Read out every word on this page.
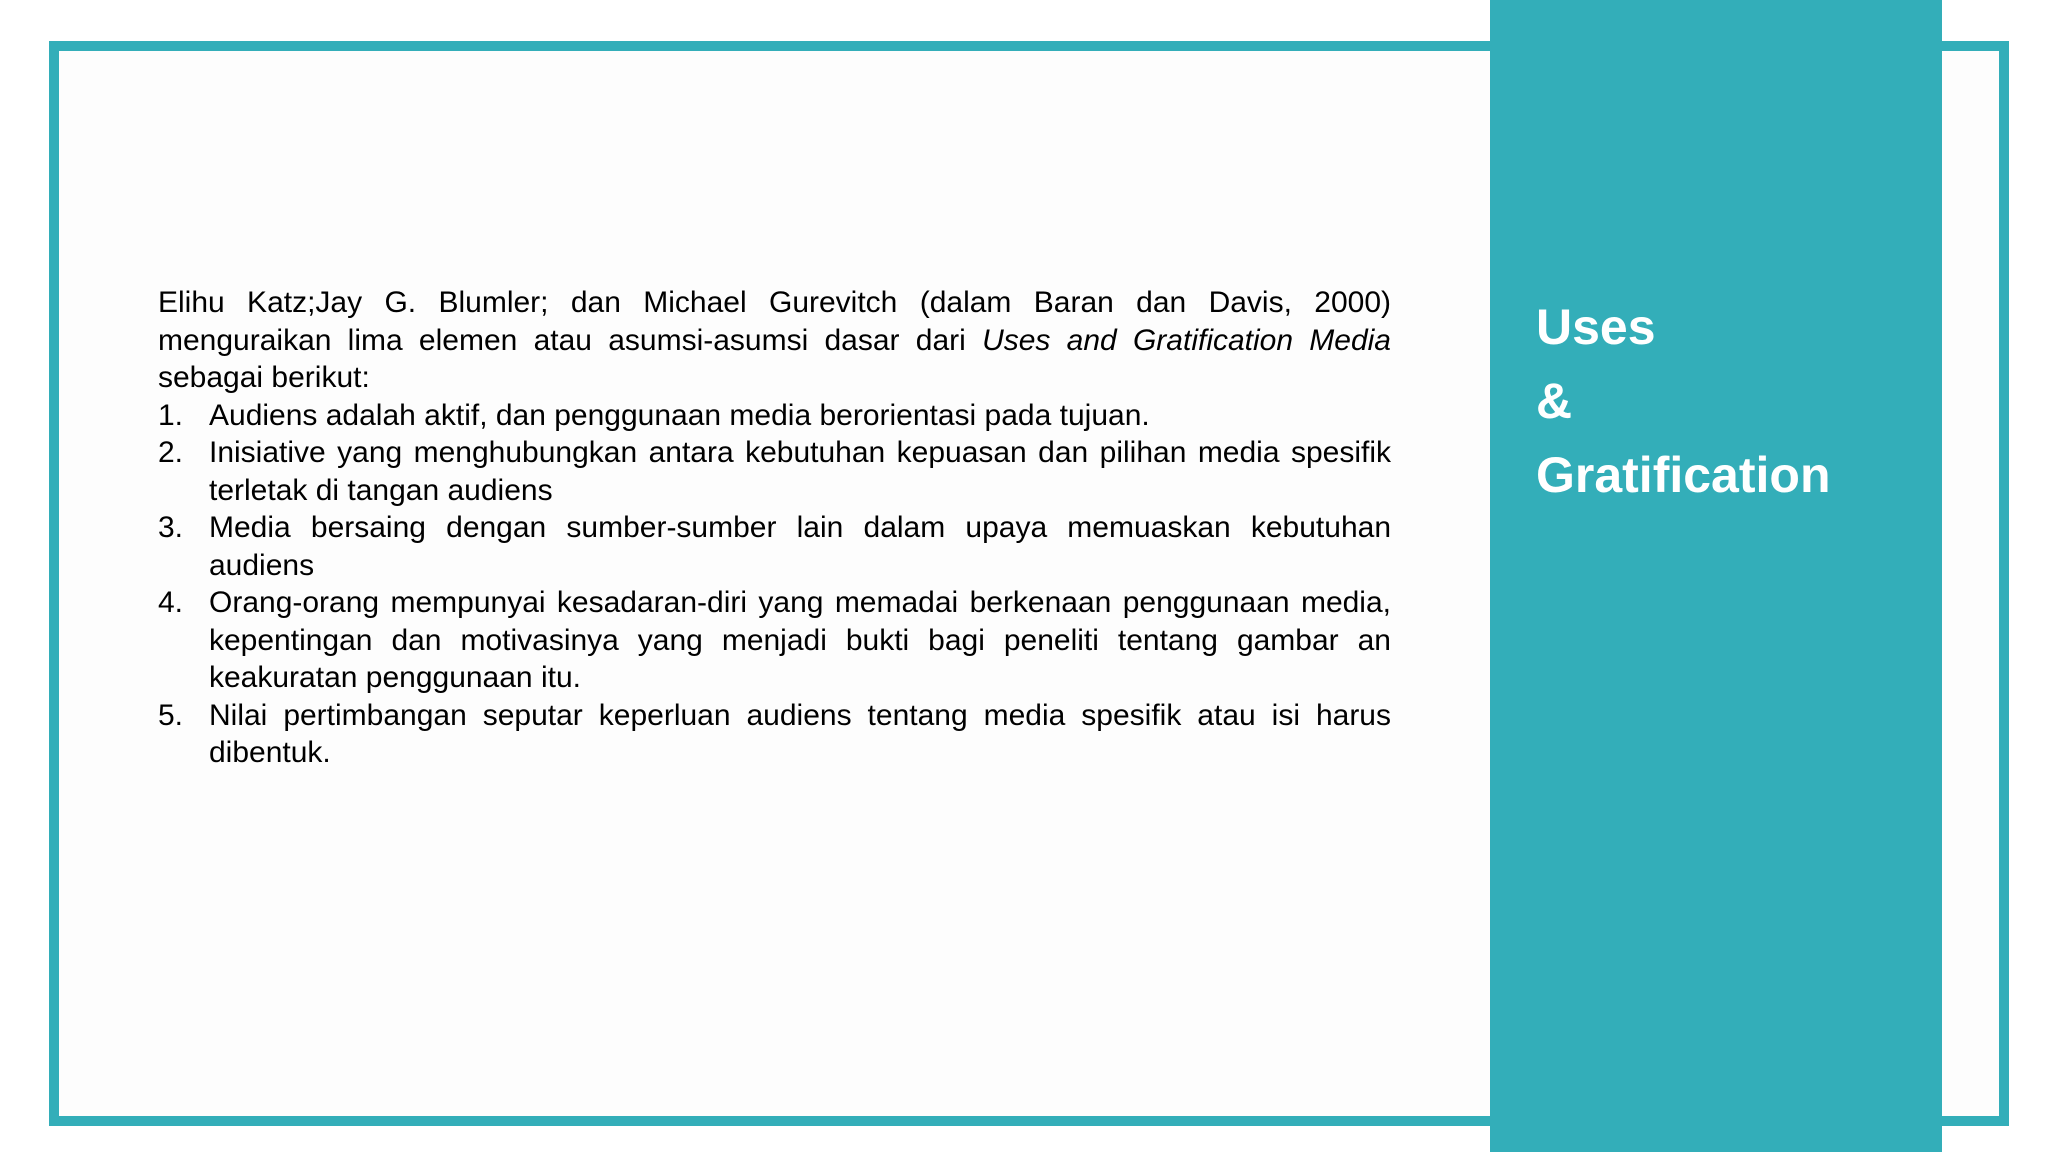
Elihu Katz;Jay G. Blumler; dan Michael Gurevitch (dalam Baran dan Davis, 2000) menguraikan lima elemen atau asumsi-asumsi dasar dari Uses and Gratification Media sebagai berikut:

1. Audiens adalah aktif, dan penggunaan media berorientasi pada tujuan.
2. Inisiative yang menghubungkan antara kebutuhan kepuasan dan pilihan media spesifik terletak di tangan audiens
3. Media bersaing dengan sumber-sumber lain dalam upaya memuaskan kebutuhan audiens
4. Orang-orang mempunyai kesadaran-diri yang memadai berkenaan penggunaan media, kepentingan dan motivasinya yang menjadi bukti bagi peneliti tentang gambar an keakuratan penggunaan itu.
5. Nilai pertimbangan seputar keperluan audiens tentang media spesifik atau isi harus dibentuk.
Uses
&
Gratification
